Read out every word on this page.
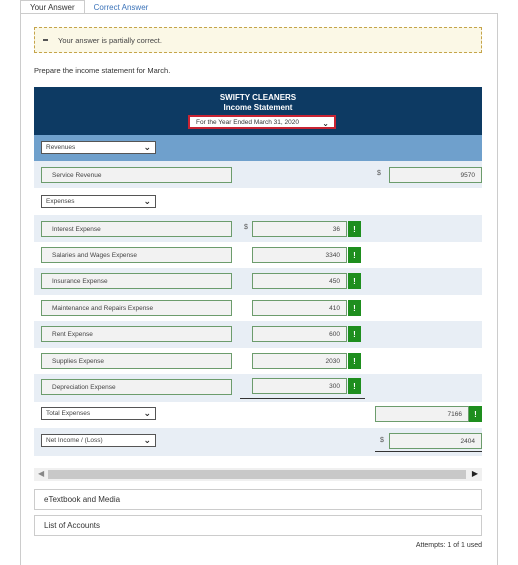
Your Answer	Correct Answer
Your answer is partially correct.
Prepare the income statement for March.
SWIFTY CLEANERS
Income Statement
For the Year Ended March 31, 2020	⌄
Revenues	⌄
Service Revenue	$	9570
Expenses	⌄
Interest Expense	$	36	!
Salaries and Wages Expense	3340	!
Insurance Expense	450	!
Maintenance and Repairs Expense	410	!
Rent Expense	600	!
Supplies Expense	2030	!
Depreciation Expense	300	!
Total Expenses	⌄	7166	!
Net Income / (Loss)	⌄	$	2404
◀	▶
eTextbook and Media
List of Accounts
Attempts: 1 of 1 used
